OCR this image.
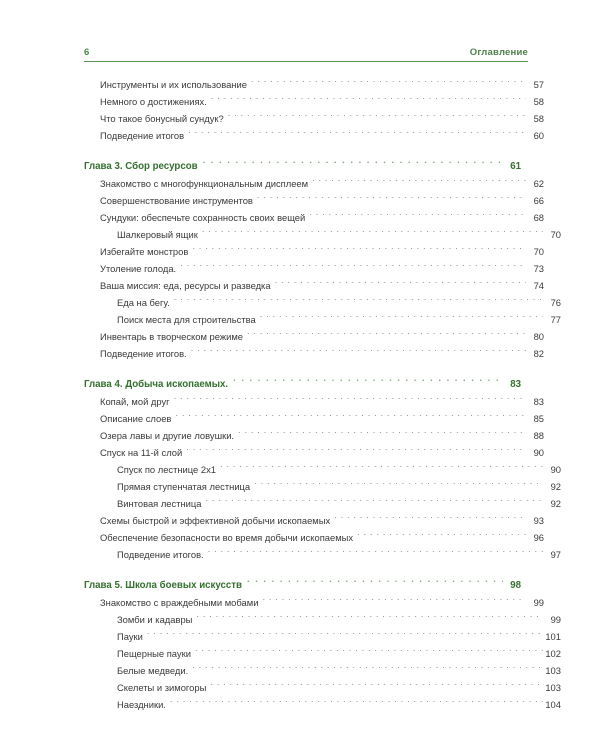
6	Оглавление
Инструменты и их использование . . .	57
Немного о достижениях. . . .	58
Что такое бонусный сундук? . . .	58
Подведение итогов . . .	60
Глава 3. Сбор ресурсов . . .	61
Знакомство с многофункциональным дисплеем . . .	62
Совершенствование инструментов . . .	66
Сундуки: обеспечьте сохранность своих вещей . . .	68
Шалкеровый ящик . . .	70
Избегайте монстров . . .	70
Утоление голода. . . .	73
Ваша миссия: еда, ресурсы и разведка . . .	74
Еда на бегу. . . .	76
Поиск места для строительства . . .	77
Инвентарь в творческом режиме . . .	80
Подведение итогов. . . .	82
Глава 4. Добыча ископаемых. . . .	83
Копай, мой друг . . .	83
Описание слоев . . .	85
Озера лавы и другие ловушки. . . .	88
Спуск на 11-й слой . . .	90
Спуск по лестнице 2х1 . . .	90
Прямая ступенчатая лестница . . .	92
Винтовая лестница . . .	92
Схемы быстрой и эффективной добычи ископаемых . . .	93
Обеспечение безопасности во время добычи ископаемых . . .	96
Подведение итогов. . . .	97
Глава 5. Школа боевых искусств . . .	98
Знакомство с враждебными мобами . . .	99
Зомби и кадавры . . .	99
Пауки . . .	101
Пещерные пауки . . .	102
Белые медведи. . . .	103
Скелеты и зимогоры . . .	103
Наездники. . . .	104
